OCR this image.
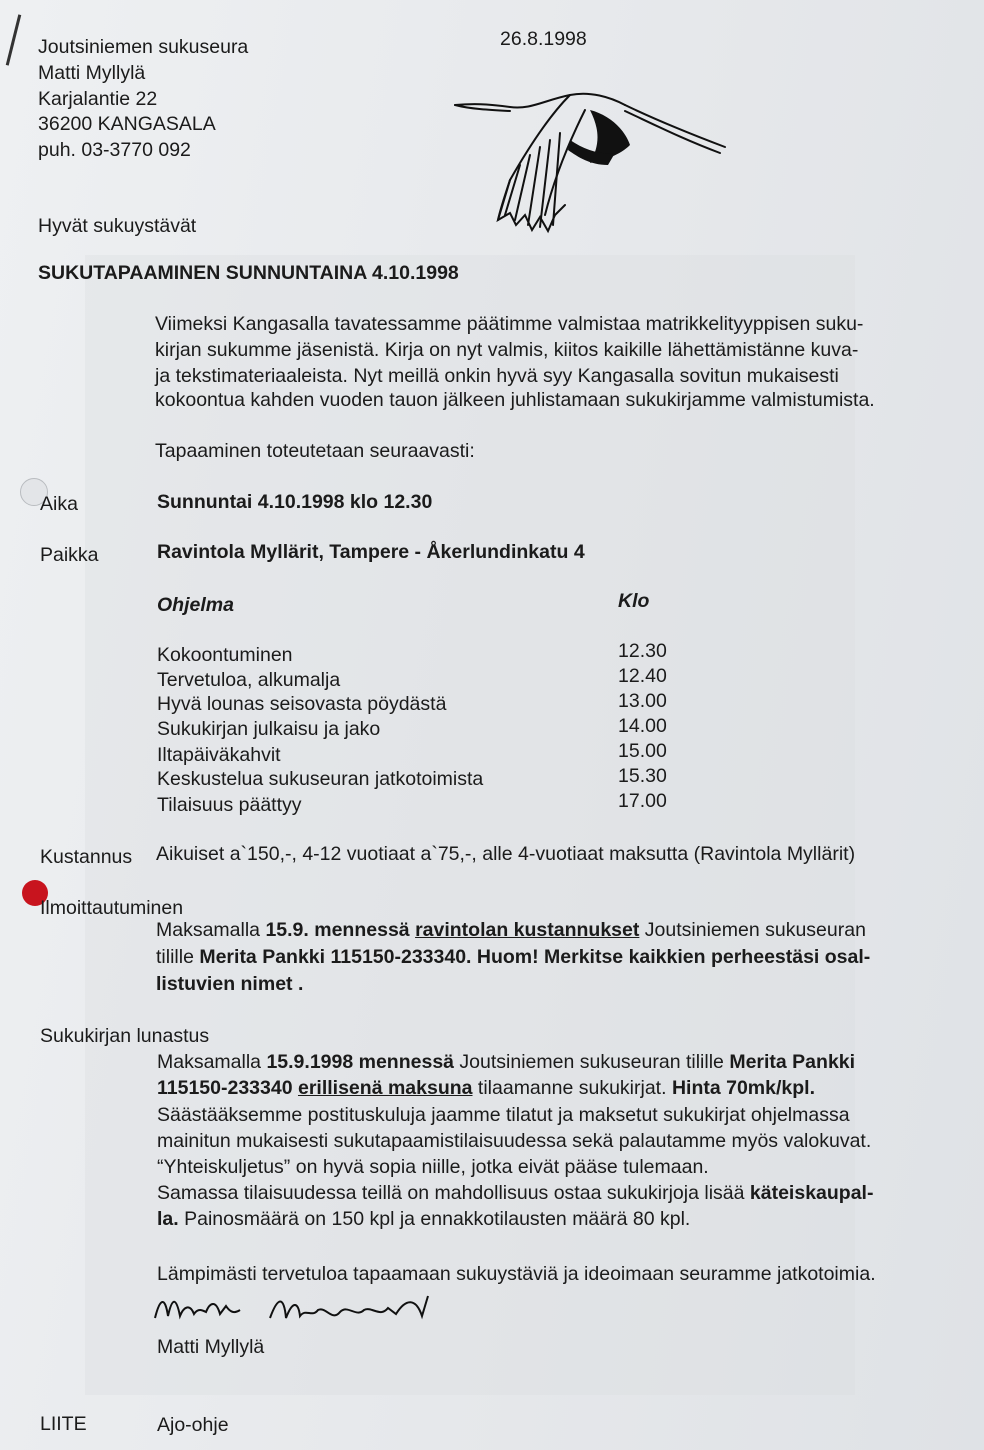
Joutsiniemen sukuseura
Matti Myllylä
Karjalantie 22
36200 KANGASALA
puh. 03-3770 092
26.8.1998
Hyvät sukuystävät
SUKUTAPAAMINEN SUNNUNTAINA 4.10.1998
Viimeksi Kangasalla tavatessamme päätimme valmistaa matrikkelityyppisen suku-
kirjan sukumme jäsenistä. Kirja on nyt valmis, kiitos kaikille lähettämistänne kuva-
ja tekstimateriaaleista. Nyt meillä onkin hyvä syy Kangasalla sovitun mukaisesti
kokoontua kahden vuoden tauon jälkeen juhlistamaan sukukirjamme valmistumista.
Tapaaminen toteutetaan seuraavasti:
Aika	Sunnuntai 4.10.1998 klo 12.30
Paikka	Ravintola Myllärit, Tampere - Åkerlundinkatu 4
Ohjelma	Klo
Kokoontuminen	12.30
Tervetuloa, alkumalja	12.40
Hyvä lounas seisovasta pöydästä	13.00
Sukukirjan julkaisu ja jako	14.00
Iltapäiväkahvit	15.00
Keskustelua sukuseuran jatkotoimista	15.30
Tilaisuus päättyy	17.00
Kustannus Aikuiset a`150,-, 4-12 vuotiaat a`75,-, alle 4-vuotiaat maksutta (Ravintola Myllärit)
Ilmoittautuminen
Maksamalla 15.9. mennessä ravintolan kustannukset Joutsiniemen sukuseuran
tilille Merita Pankki 115150-233340. Huom! Merkitse kaikkien perheestäsi osal-
listuvien nimet .
Sukukirjan lunastus
Maksamalla 15.9.1998 mennessä Joutsiniemen sukuseuran tilille Merita Pankki
115150-233340 erillisenä maksuna tilaamanne sukukirjat. Hinta 70mk/kpl.
Säästääksemme postituskuluja jaamme tilatut ja maksetut sukukirjat ohjelmassa
mainitun mukaisesti sukutapaamistilaisuudessa sekä palautamme myös valokuvat.
“Yhteiskuljetus” on hyvä sopia niille, jotka eivät pääse tulemaan.
Samassa tilaisuudessa teillä on mahdollisuus ostaa sukukirjoja lisää käteiskaupal-
la. Painosmäärä on 150 kpl ja ennakkotilausten määrä 80 kpl.
Lämpimästi tervetuloa tapaamaan sukuystäviä ja ideoimaan seuramme jatkotoimia.
Matti Myllylä
LIITE	Ajo-ohje
